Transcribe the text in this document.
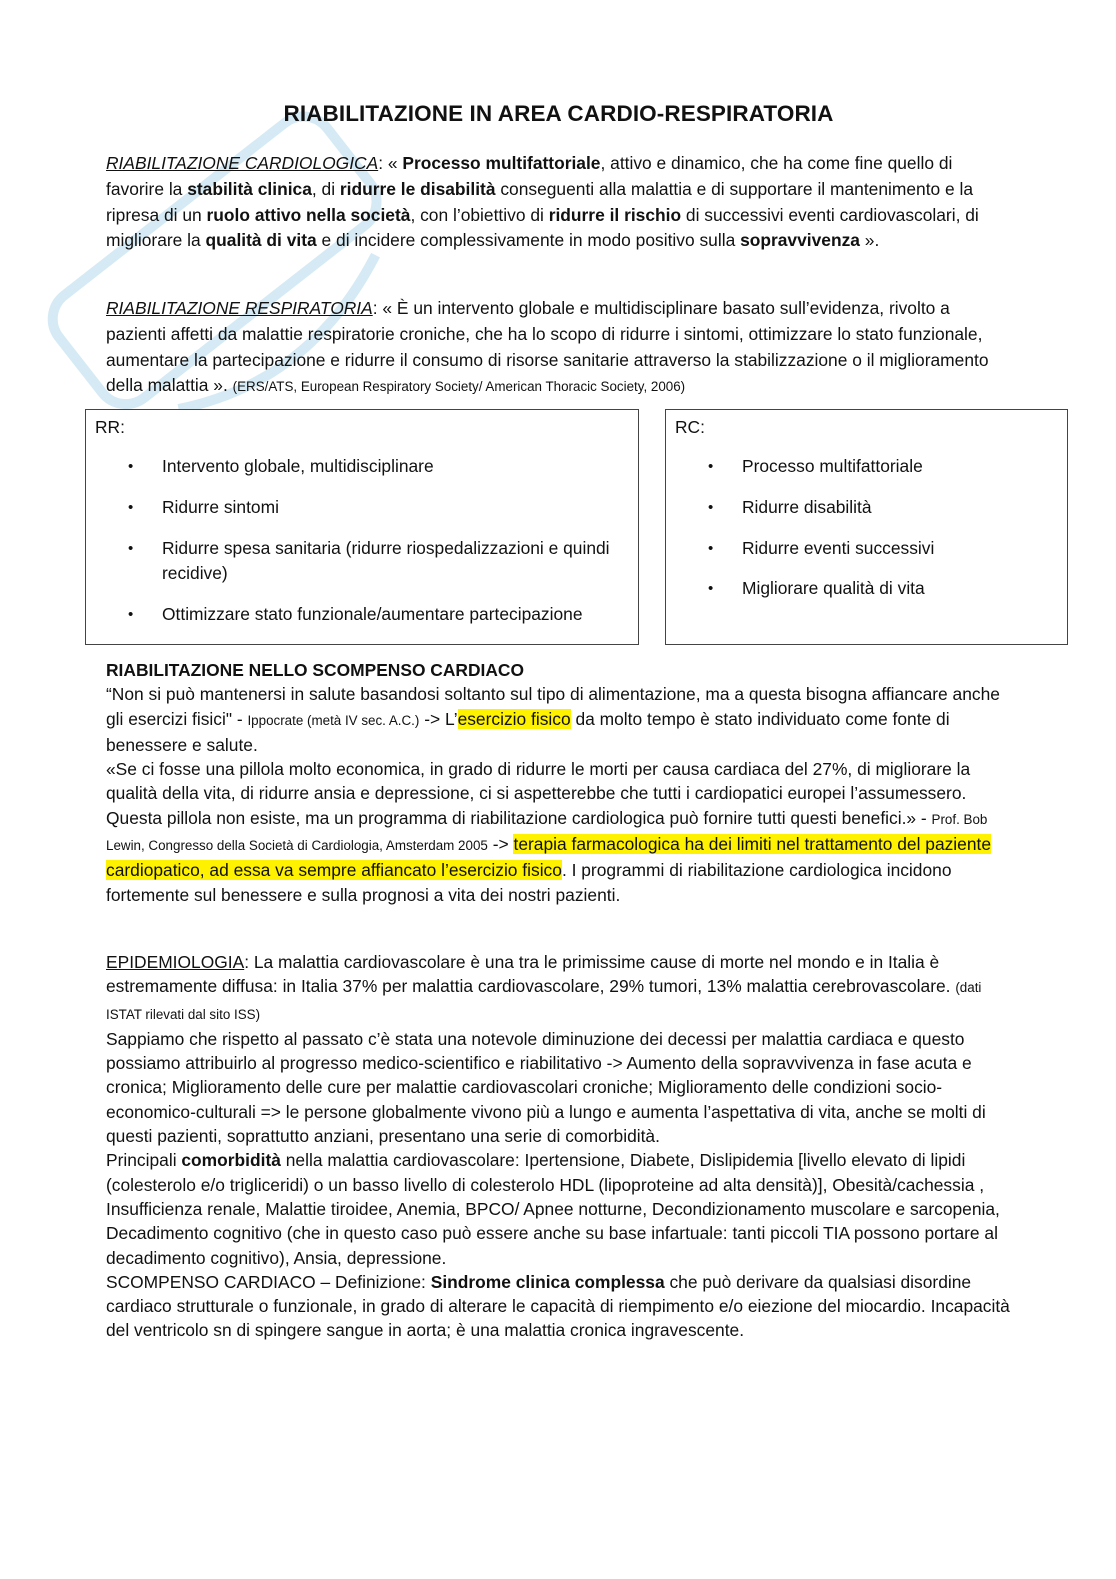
RIABILITAZIONE IN AREA CARDIO-RESPIRATORIA

RIABILITAZIONE CARDIOLOGICA: « Processo multifattoriale, attivo e dinamico, che ha come fine quello di favorire la stabilità clinica, di ridurre le disabilità conseguenti alla malattia e di supportare il mantenimento e la ripresa di un ruolo attivo nella società, con l’obiettivo di ridurre il rischio di successivi eventi cardiovascolari, di migliorare la qualità di vita e di incidere complessivamente in modo positivo sulla sopravvivenza ».

RIABILITAZIONE RESPIRATORIA: « È un intervento globale e multidisciplinare basato sull’evidenza, rivolto a pazienti affetti da malattie respiratorie croniche, che ha lo scopo di ridurre i sintomi, ottimizzare lo stato funzionale, aumentare la partecipazione e ridurre il consumo di risorse sanitarie attraverso la stabilizzazione o il miglioramento della malattia ». (ERS/ATS, European Respiratory Society/ American Thoracic Society, 2006)

RIABILITAZIONE NELLO SCOMPENSO CARDIACO

“Non si può mantenersi in salute basandosi soltanto sul tipo di alimentazione, ma a questa bisogna affiancare anche gli esercizi fisici" - Ippocrate (metà IV sec. A.C.) -> L’esercizio fisico da molto tempo è stato individuato come fonte di benessere e salute.

«Se ci fosse una pillola molto economica, in grado di ridurre le morti per causa cardiaca del 27%, di migliorare la qualità della vita, di ridurre ansia e depressione, ci si aspetterebbe che tutti i cardiopatici europei l’assumessero. Questa pillola non esiste, ma un programma di riabilitazione cardiologica può fornire tutti questi benefici.» - Prof. Bob Lewin, Congresso della Società di Cardiologia, Amsterdam 2005 -> terapia farmacologica ha dei limiti nel trattamento del paziente cardiopatico, ad essa va sempre affiancato l’esercizio fisico. I programmi di riabilitazione cardiologica incidono fortemente sul benessere e sulla prognosi a vita dei nostri pazienti.

EPIDEMIOLOGIA: La malattia cardiovascolare è una tra le primissime cause di morte nel mondo e in Italia è estremamente diffusa: in Italia 37% per malattia cardiovascolare, 29% tumori, 13% malattia cerebrovascolare. (dati ISTAT rilevati dal sito ISS)

Sappiamo che rispetto al passato c’è stata una notevole diminuzione dei decessi per malattia cardiaca e questo possiamo attribuirlo al progresso medico-scientifico e riabilitativo -> Aumento della sopravvivenza in fase acuta e cronica; Miglioramento delle cure per malattie cardiovascolari croniche; Miglioramento delle condizioni socio-economico-culturali => le persone globalmente vivono più a lungo e aumenta l’aspettativa di vita, anche se molti di questi pazienti, soprattutto anziani, presentano una serie di comorbidità.

Principali comorbidità nella malattia cardiovascolare: Ipertensione, Diabete, Dislipidemia [livello elevato di lipidi (colesterolo e/o trigliceridi) o un basso livello di colesterolo HDL (lipoproteine ad alta densità)], Obesità/cachessia , Insufficienza renale, Malattie tiroidee, Anemia, BPCO/ Apnee notturne, Decondizionamento muscolare e sarcopenia, Decadimento cognitivo (che in questo caso può essere anche su base infartuale: tanti piccoli TIA possono portare al decadimento cognitivo), Ansia, depressione.

SCOMPENSO CARDIACO – Definizione: Sindrome clinica complessa che può derivare da qualsiasi disordine cardiaco strutturale o funzionale, in grado di alterare le capacità di riempimento e/o eiezione del miocardio. Incapacità del ventricolo sn di spingere sangue in aorta; è una malattia cronica ingravescente.

RR:
• Intervento globale, multidisciplinare
• Ridurre sintomi
• Ridurre spesa sanitaria (ridurre riospedalizzazioni e quindi recidive)
• Ottimizzare stato funzionale/aumentare partecipazione
RC:
• Processo multifattoriale
• Ridurre disabilità
• Ridurre eventi successivi
• Migliorare qualità di vita
